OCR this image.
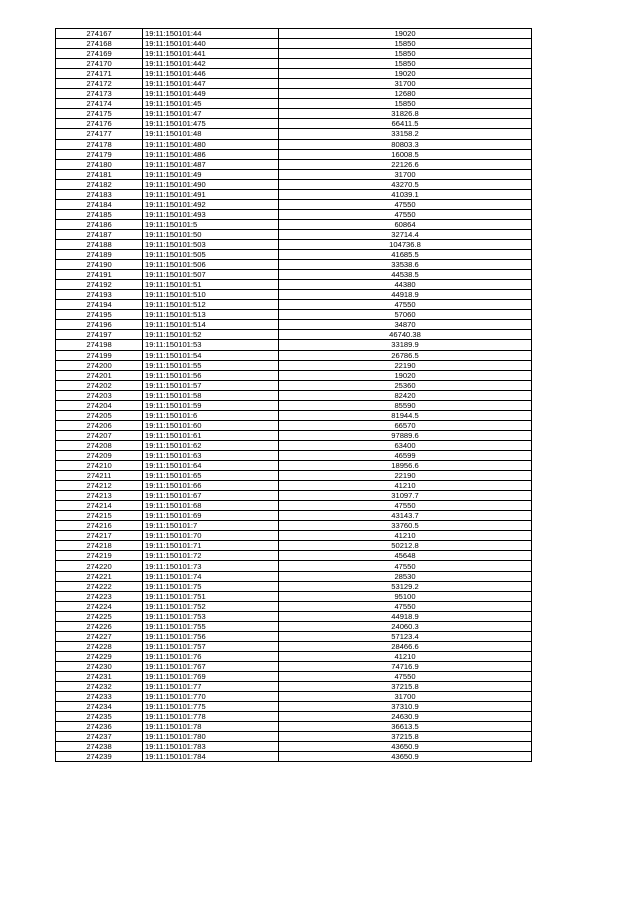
274167	19:11:150101:44	19020
274168	19:11:150101:440	15850
274169	19:11:150101:441	15850
274170	19:11:150101:442	15850
274171	19:11:150101:446	19020
274172	19:11:150101:447	31700
274173	19:11:150101:449	12680
274174	19:11:150101:45	15850
274175	19:11:150101:47	31826.8
274176	19:11:150101:475	66411.5
274177	19:11:150101:48	33158.2
274178	19:11:150101:480	80803.3
274179	19:11:150101:486	16008.5
274180	19:11:150101:487	22126.6
274181	19:11:150101:49	31700
274182	19:11:150101:490	43270.5
274183	19:11:150101:491	41039.1
274184	19:11:150101:492	47550
274185	19:11:150101:493	47550
274186	19:11:150101:5	60864
274187	19:11:150101:50	32714.4
274188	19:11:150101:503	104736.8
274189	19:11:150101:505	41685.5
274190	19:11:150101:506	33538.6
274191	19:11:150101:507	44538.5
274192	19:11:150101:51	44380
274193	19:11:150101:510	44918.9
274194	19:11:150101:512	47550
274195	19:11:150101:513	57060
274196	19:11:150101:514	34870
274197	19:11:150101:52	46740.38
274198	19:11:150101:53	33189.9
274199	19:11:150101:54	26786.5
274200	19:11:150101:55	22190
274201	19:11:150101:56	19020
274202	19:11:150101:57	25360
274203	19:11:150101:58	82420
274204	19:11:150101:59	85590
274205	19:11:150101:6	81944.5
274206	19:11:150101:60	66570
274207	19:11:150101:61	97889.6
274208	19:11:150101:62	63400
274209	19:11:150101:63	46599
274210	19:11:150101:64	18956.6
274211	19:11:150101:65	22190
274212	19:11:150101:66	41210
274213	19:11:150101:67	31097.7
274214	19:11:150101:68	47550
274215	19:11:150101:69	43143.7
274216	19:11:150101:7	33760.5
274217	19:11:150101:70	41210
274218	19:11:150101:71	50212.8
274219	19:11:150101:72	45648
274220	19:11:150101:73	47550
274221	19:11:150101:74	28530
274222	19:11:150101:75	53129.2
274223	19:11:150101:751	95100
274224	19:11:150101:752	47550
274225	19:11:150101:753	44918.9
274226	19:11:150101:755	24060.3
274227	19:11:150101:756	57123.4
274228	19:11:150101:757	28466.6
274229	19:11:150101:76	41210
274230	19:11:150101:767	74716.9
274231	19:11:150101:769	47550
274232	19:11:150101:77	37215.8
274233	19:11:150101:770	31700
274234	19:11:150101:775	37310.9
274235	19:11:150101:778	24630.9
274236	19:11:150101:78	36613.5
274237	19:11:150101:780	37215.8
274238	19:11:150101:783	43650.9
274239	19:11:150101:784	43650.9
